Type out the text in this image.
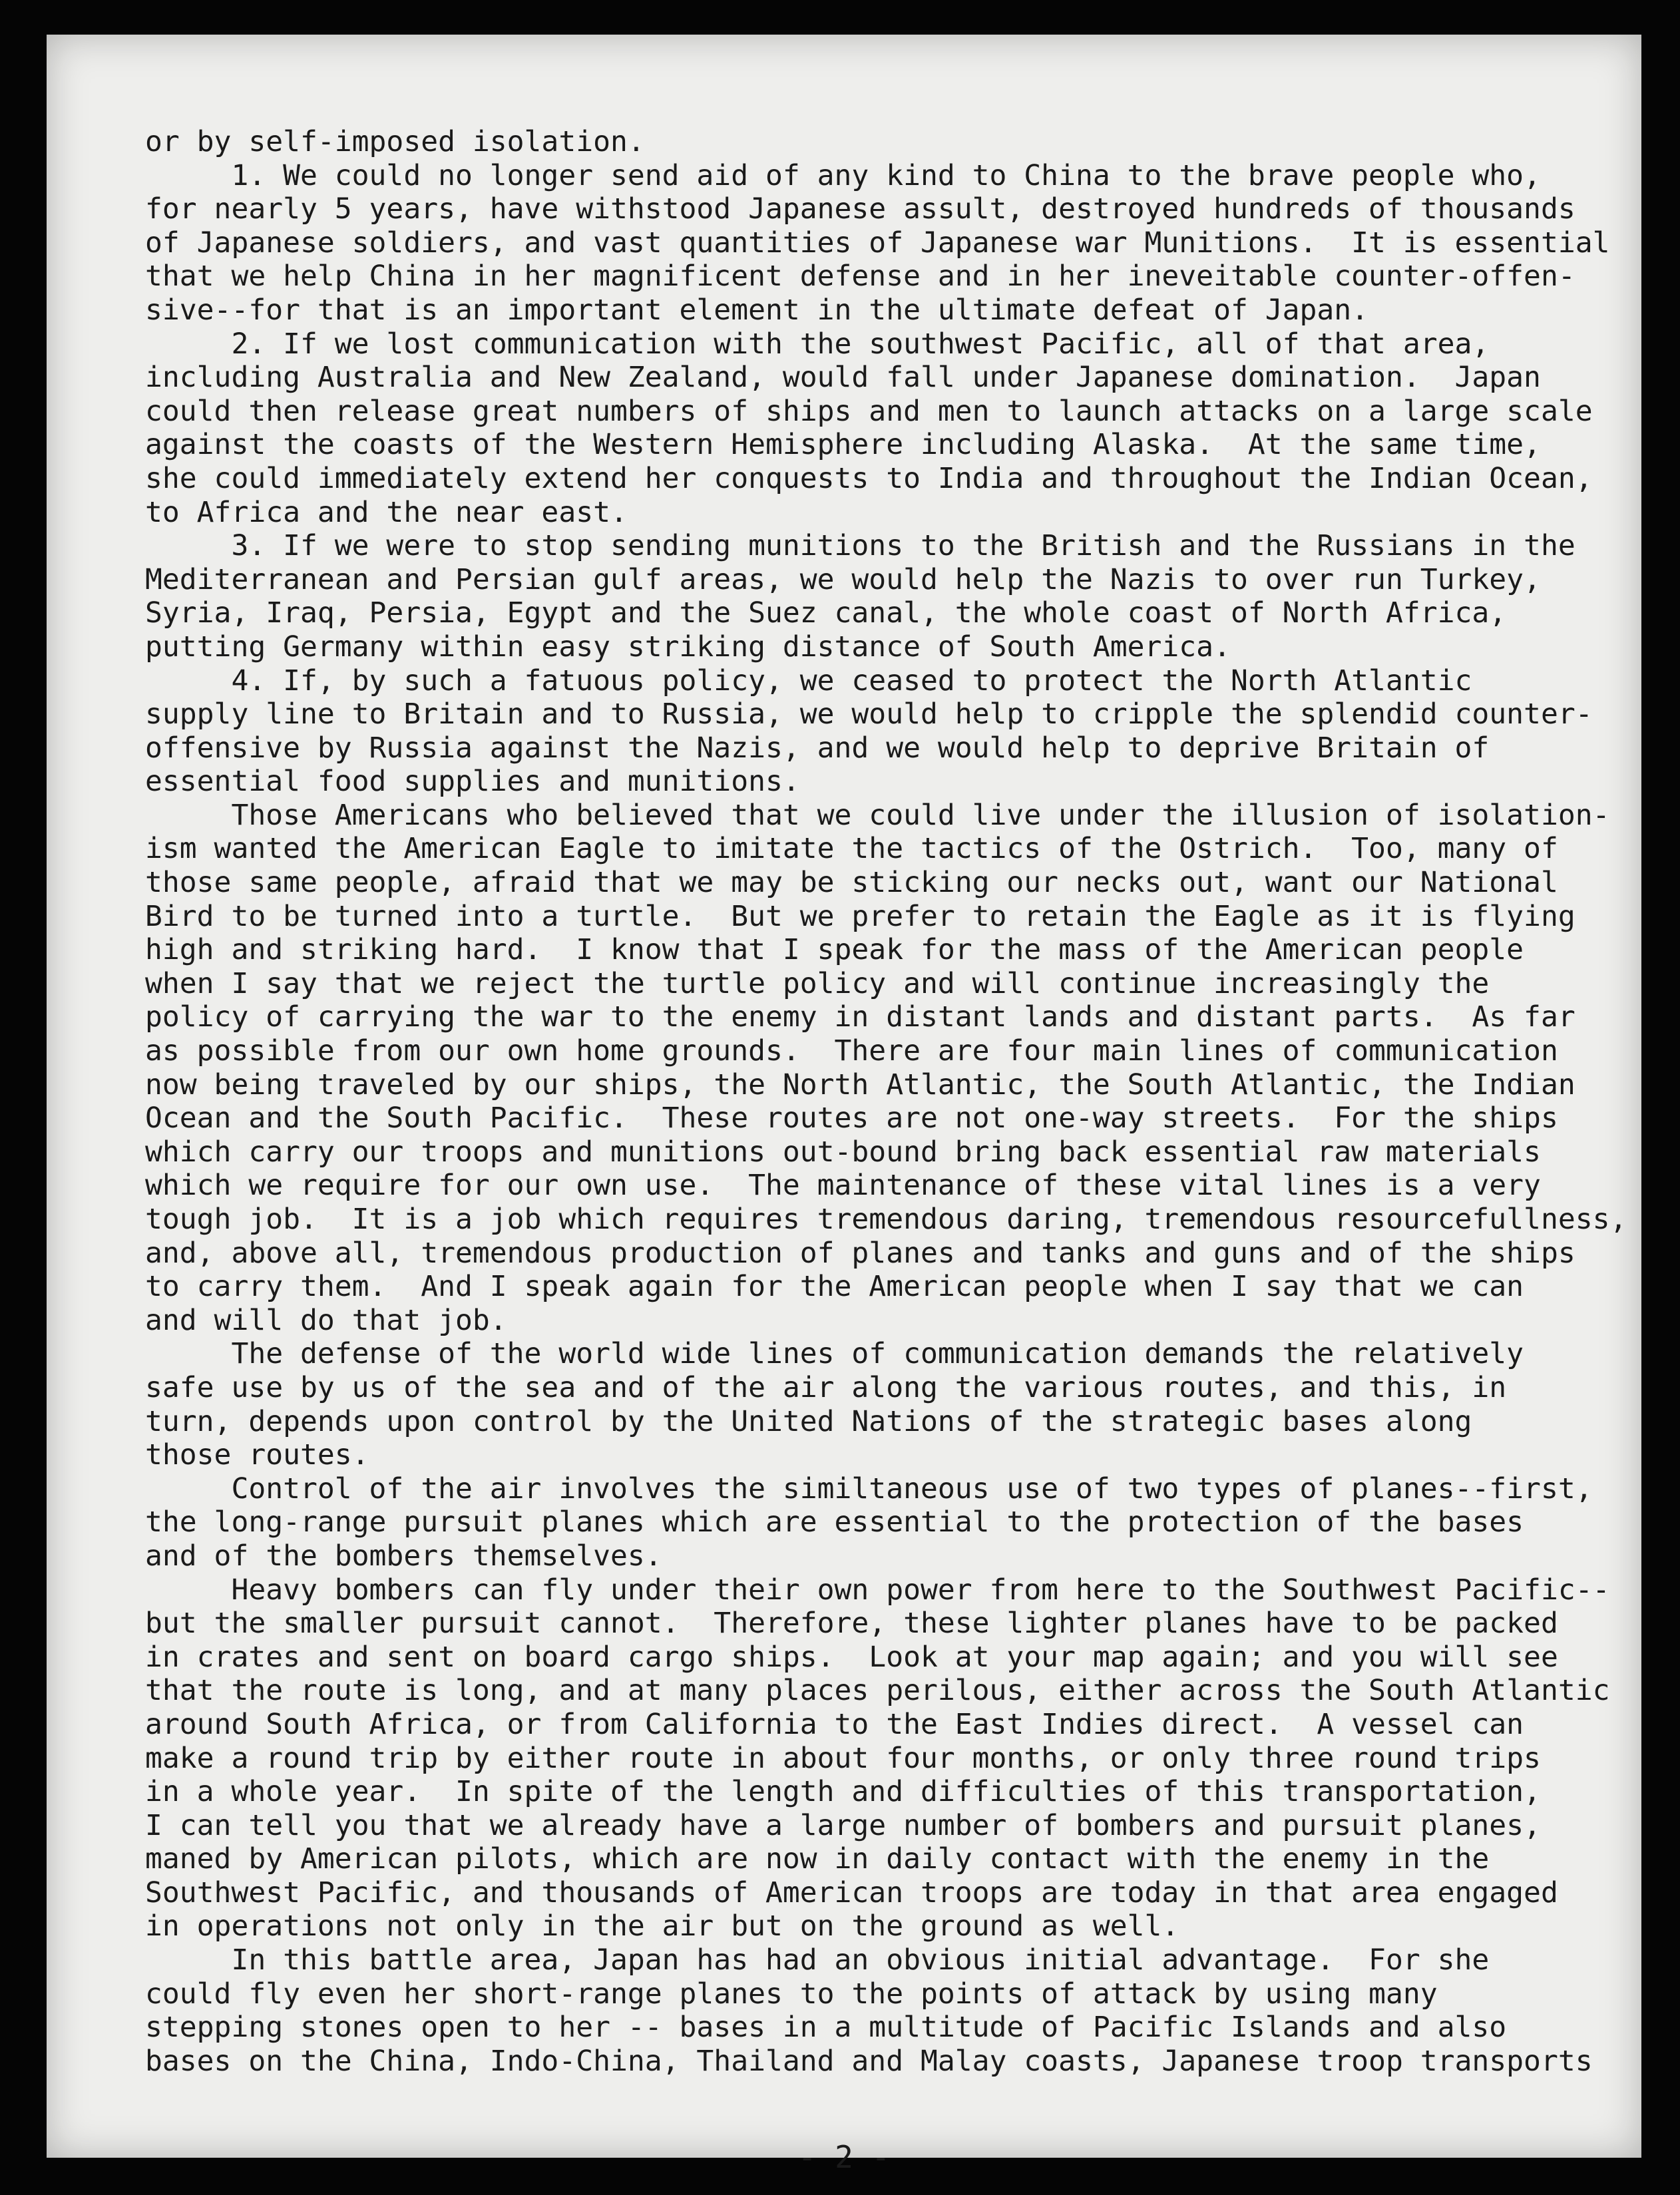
or by self-imposed isolation.
1. We could no longer send aid of any kind to China to the brave people who,
for nearly 5 years, have withstood Japanese assult, destroyed hundreds of thousands
of Japanese soldiers, and vast quantities of Japanese war Munitions.  It is essential
that we help China in her magnificent defense and in her ineveitable counter-offen-
sive--for that is an important element in the ultimate defeat of Japan.
2. If we lost communication with the southwest Pacific, all of that area,
including Australia and New Zealand, would fall under Japanese domination.  Japan
could then release great numbers of ships and men to launch attacks on a large scale
against the coasts of the Western Hemisphere including Alaska.  At the same time,
she could immediately extend her conquests to India and throughout the Indian Ocean,
to Africa and the near east.
3. If we were to stop sending munitions to the British and the Russians in the
Mediterranean and Persian gulf areas, we would help the Nazis to over run Turkey,
Syria, Iraq, Persia, Egypt and the Suez canal, the whole coast of North Africa,
putting Germany within easy striking distance of South America.
4. If, by such a fatuous policy, we ceased to protect the North Atlantic
supply line to Britain and to Russia, we would help to cripple the splendid counter-
offensive by Russia against the Nazis, and we would help to deprive Britain of
essential food supplies and munitions.
Those Americans who believed that we could live under the illusion of isolation-
ism wanted the American Eagle to imitate the tactics of the Ostrich.  Too, many of
those same people, afraid that we may be sticking our necks out, want our National
Bird to be turned into a turtle.  But we prefer to retain the Eagle as it is flying
high and striking hard.  I know that I speak for the mass of the American people
when I say that we reject the turtle policy and will continue increasingly the
policy of carrying the war to the enemy in distant lands and distant parts.  As far
as possible from our own home grounds.  There are four main lines of communication
now being traveled by our ships, the North Atlantic, the South Atlantic, the Indian
Ocean and the South Pacific.  These routes are not one-way streets.  For the ships
which carry our troops and munitions out-bound bring back essential raw materials
which we require for our own use.  The maintenance of these vital lines is a very
tough job.  It is a job which requires tremendous daring, tremendous resourcefullness,
and, above all, tremendous production of planes and tanks and guns and of the ships
to carry them.  And I speak again for the American people when I say that we can
and will do that job.
The defense of the world wide lines of communication demands the relatively
safe use by us of the sea and of the air along the various routes, and this, in
turn, depends upon control by the United Nations of the strategic bases along
those routes.
Control of the air involves the similtaneous use of two types of planes--first,
the long-range pursuit planes which are essential to the protection of the bases
and of the bombers themselves.
Heavy bombers can fly under their own power from here to the Southwest Pacific--
but the smaller pursuit cannot.  Therefore, these lighter planes have to be packed
in crates and sent on board cargo ships.  Look at your map again; and you will see
that the route is long, and at many places perilous, either across the South Atlantic
around South Africa, or from California to the East Indies direct.  A vessel can
make a round trip by either route in about four months, or only three round trips
in a whole year.  In spite of the length and difficulties of this transportation,
I can tell you that we already have a large number of bombers and pursuit planes,
maned by American pilots, which are now in daily contact with the enemy in the
Southwest Pacific, and thousands of American troops are today in that area engaged
in operations not only in the air but on the ground as well.
In this battle area, Japan has had an obvious initial advantage.  For she
could fly even her short-range planes to the points of attack by using many
stepping stones open to her -- bases in a multitude of Pacific Islands and also
bases on the China, Indo-China, Thailand and Malay coasts, Japanese troop transports
- 2 -
